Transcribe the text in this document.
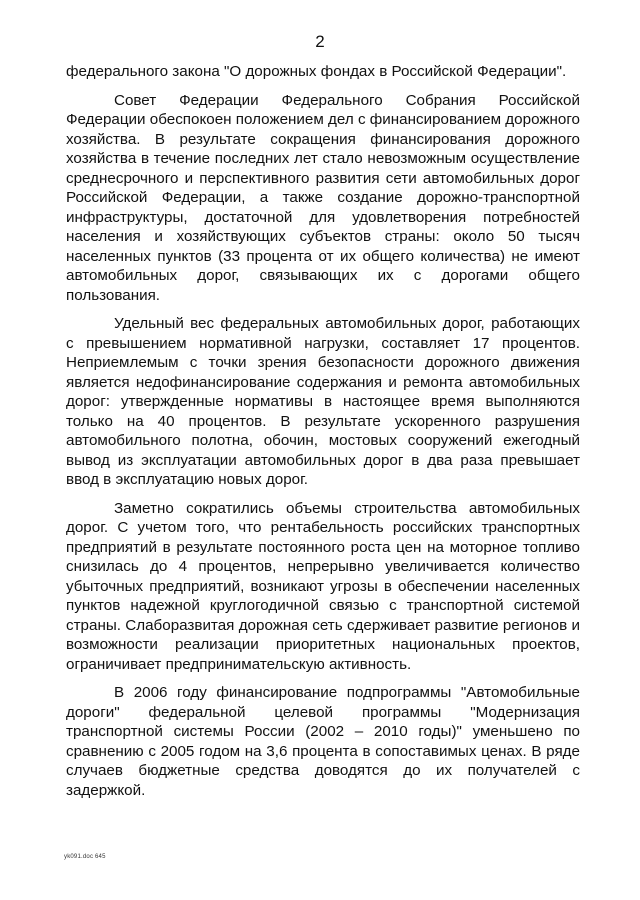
2

федерального закона "О дорожных фондах в Российской Федерации".

Совет Федерации Федерального Собрания Российской Федерации обеспокоен положением дел с финансированием дорожного хозяйства. В результате сокращения финансирования дорожного хозяйства в течение последних лет стало невозможным осуществление среднесрочного и перспективного развития сети автомобильных дорог Российской Федерации, а также создание дорожно-транспортной инфраструктуры, достаточной для удовлетворения потребностей населения и хозяйствующих субъектов страны: около 50 тысяч населенных пунктов (33 процента от их общего количества) не имеют автомобильных дорог, связывающих их с дорогами общего пользования.

Удельный вес федеральных автомобильных дорог, работающих с превышением нормативной нагрузки, составляет 17 процентов. Неприемлемым с точки зрения безопасности дорожного движения является недофинансирование содержания и ремонта автомобильных дорог: утвержденные нормативы в настоящее время выполняются только на 40 процентов. В результате ускоренного разрушения автомобильного полотна, обочин, мостовых сооружений ежегодный вывод из эксплуатации автомобильных дорог в два раза превышает ввод в эксплуатацию новых дорог.

Заметно сократились объемы строительства автомобильных дорог. С учетом того, что рентабельность российских транспортных предприятий в результате постоянного роста цен на моторное топливо снизилась до 4 процентов, непрерывно увеличивается количество убыточных предприятий, возникают угрозы в обеспечении населенных пунктов надежной круглогодичной связью с транспортной системой страны. Слаборазвитая дорожная сеть сдерживает развитие регионов и возможности реализации приоритетных национальных проектов, ограничивает предпринимательскую активность.

В 2006 году финансирование подпрограммы "Автомобильные дороги" федеральной целевой программы "Модернизация транспортной системы России (2002 – 2010 годы)" уменьшено по сравнению с 2005 годом на 3,6 процента в сопоставимых ценах. В ряде случаев бюджетные средства доводятся до их получателей с задержкой.

yk091.doc 645
